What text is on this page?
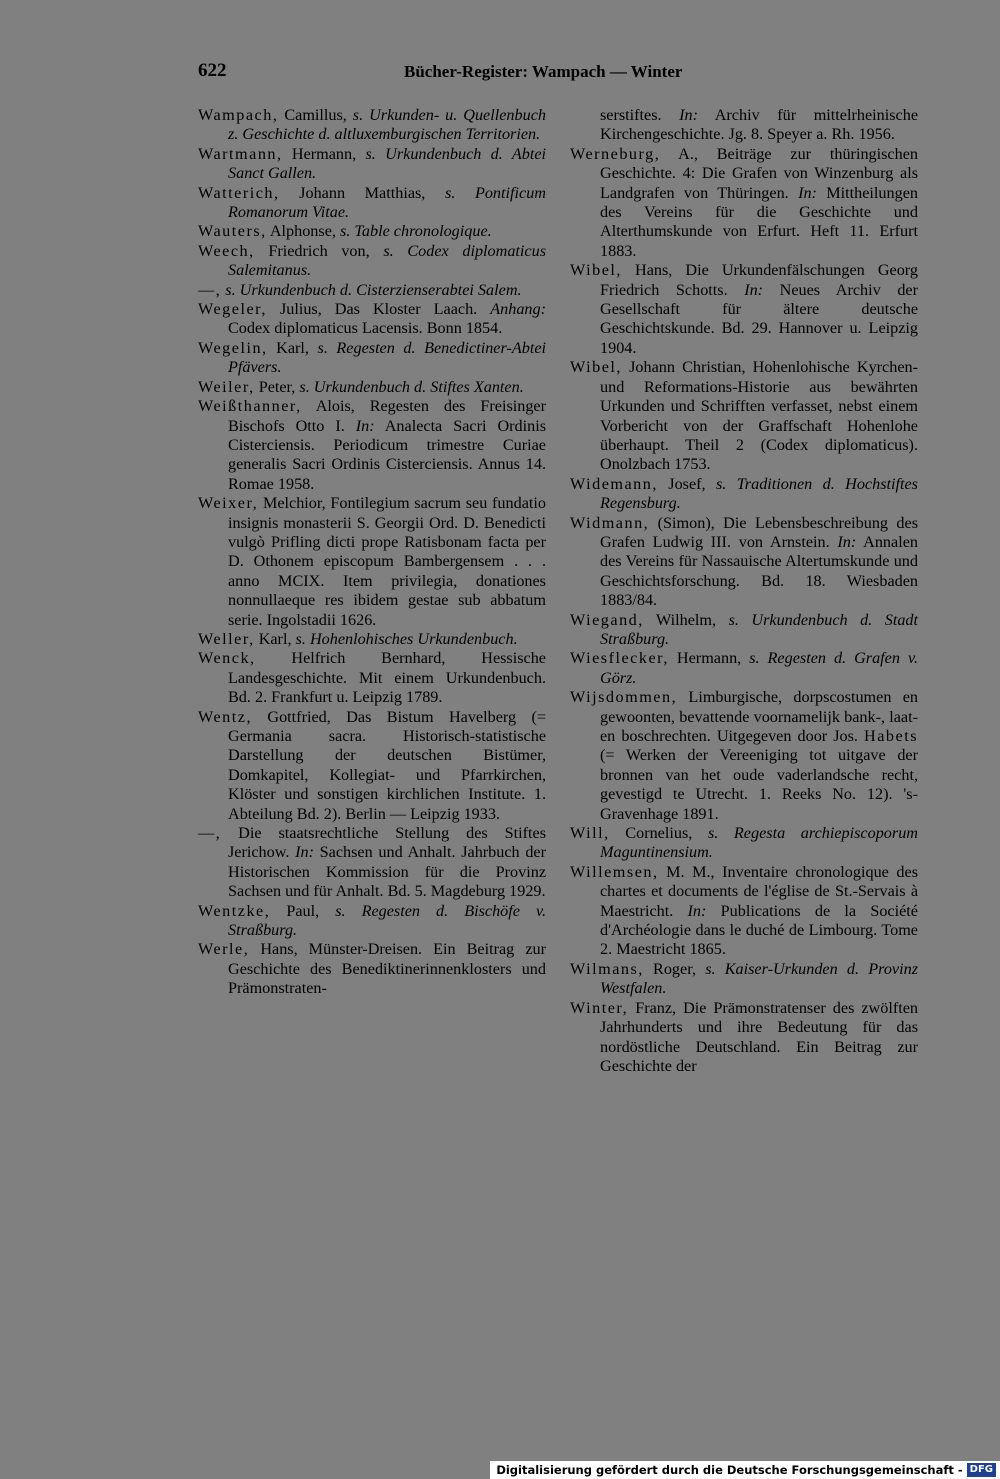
622	Bücher-Register: Wampach — Winter

Wampach, Camillus, s. Urkunden- u. Quellenbuch z. Geschichte d. altluxemburgischen Territorien.

Wartmann, Hermann, s. Urkundenbuch d. Abtei Sanct Gallen.

Watterich, Johann Matthias, s. Pontificum Romanorum Vitae.

Wauters, Alphonse, s. Table chronologique.

Weech, Friedrich von, s. Codex diplomaticus Salemitanus.

—, s. Urkundenbuch d. Cisterzienserabtei Salem.

Wegeler, Julius, Das Kloster Laach. Anhang: Codex diplomaticus Lacensis. Bonn 1854.

Wegelin, Karl, s. Regesten d. Benedictiner-Abtei Pfävers.

Weiler, Peter, s. Urkundenbuch d. Stiftes Xanten.

Weißthanner, Alois, Regesten des Freisinger Bischofs Otto I. In: Analecta Sacri Ordinis Cisterciensis. Periodicum trimestre Curiae generalis Sacri Ordinis Cisterciensis. Annus 14. Romae 1958.

Weixer, Melchior, Fontilegium sacrum seu fundatio insignis monasterii S. Georgii Ord. D. Benedicti vulgò Prifling dicti prope Ratisbonam facta per D. Othonem episcopum Bambergensem . . . anno MCIX. Item privilegia, donationes nonnullaeque res ibidem gestae sub abbatum serie. Ingolstadii 1626.

Weller, Karl, s. Hohenlohisches Urkundenbuch.

Wenck, Helfrich Bernhard, Hessische Landesgeschichte. Mit einem Urkundenbuch. Bd. 2. Frankfurt u. Leipzig 1789.

Wentz, Gottfried, Das Bistum Havelberg (= Germania sacra. Historisch-statistische Darstellung der deutschen Bistümer, Domkapitel, Kollegiat- und Pfarrkirchen, Klöster und sonstigen kirchlichen Institute. 1. Abteilung Bd. 2). Berlin — Leipzig 1933.

—, Die staatsrechtliche Stellung des Stiftes Jerichow. In: Sachsen und Anhalt. Jahrbuch der Historischen Kommission für die Provinz Sachsen und für Anhalt. Bd. 5. Magdeburg 1929.

Wentzke, Paul, s. Regesten d. Bischöfe v. Straßburg.

Werle, Hans, Münster-Dreisen. Ein Beitrag zur Geschichte des Benediktinerinnenklosters und Prämonstraten-

serstiftes. In: Archiv für mittelrheinische Kirchengeschichte. Jg. 8. Speyer a. Rh. 1956.

Werneburg, A., Beiträge zur thüringischen Geschichte. 4: Die Grafen von Winzenburg als Landgrafen von Thüringen. In: Mittheilungen des Vereins für die Geschichte und Alterthumskunde von Erfurt. Heft 11. Erfurt 1883.

Wibel, Hans, Die Urkundenfälschungen Georg Friedrich Schotts. In: Neues Archiv der Gesellschaft für ältere deutsche Geschichtskunde. Bd. 29. Hannover u. Leipzig 1904.

Wibel, Johann Christian, Hohenlohische Kyrchen- und Reformations-Historie aus bewährten Urkunden und Schrifften verfasset, nebst einem Vorbericht von der Graffschaft Hohenlohe überhaupt. Theil 2 (Codex diplomaticus). Onolzbach 1753.

Widemann, Josef, s. Traditionen d. Hochstiftes Regensburg.

Widmann, (Simon), Die Lebensbeschreibung des Grafen Ludwig III. von Arnstein. In: Annalen des Vereins für Nassauische Altertumskunde und Geschichtsforschung. Bd. 18. Wiesbaden 1883/84.

Wiegand, Wilhelm, s. Urkundenbuch d. Stadt Straßburg.

Wiesflecker, Hermann, s. Regesten d. Grafen v. Görz.

Wijsdommen, Limburgische, dorpscostumen en gewoonten, bevattende voornamelijk bank-, laat- en boschrechten. Uitgegeven door Jos. Habets (= Werken der Vereeniging tot uitgave der bronnen van het oude vaderlandsche recht, gevestigd te Utrecht. 1. Reeks No. 12). 's-Gravenhage 1891.

Will, Cornelius, s. Regesta archiepiscoporum Maguntinensium.

Willemsen, M. M., Inventaire chronologique des chartes et documents de l'église de St.-Servais à Maestricht. In: Publications de la Société d'Archéologie dans le duché de Limbourg. Tome 2. Maestricht 1865.

Wilmans, Roger, s. Kaiser-Urkunden d. Provinz Westfalen.

Winter, Franz, Die Prämonstratenser des zwölften Jahrhunderts und ihre Bedeutung für das nordöstliche Deutschland. Ein Beitrag zur Geschichte der

Digitalisierung gefördert durch die Deutsche Forschungsgemeinschaft - DFG
